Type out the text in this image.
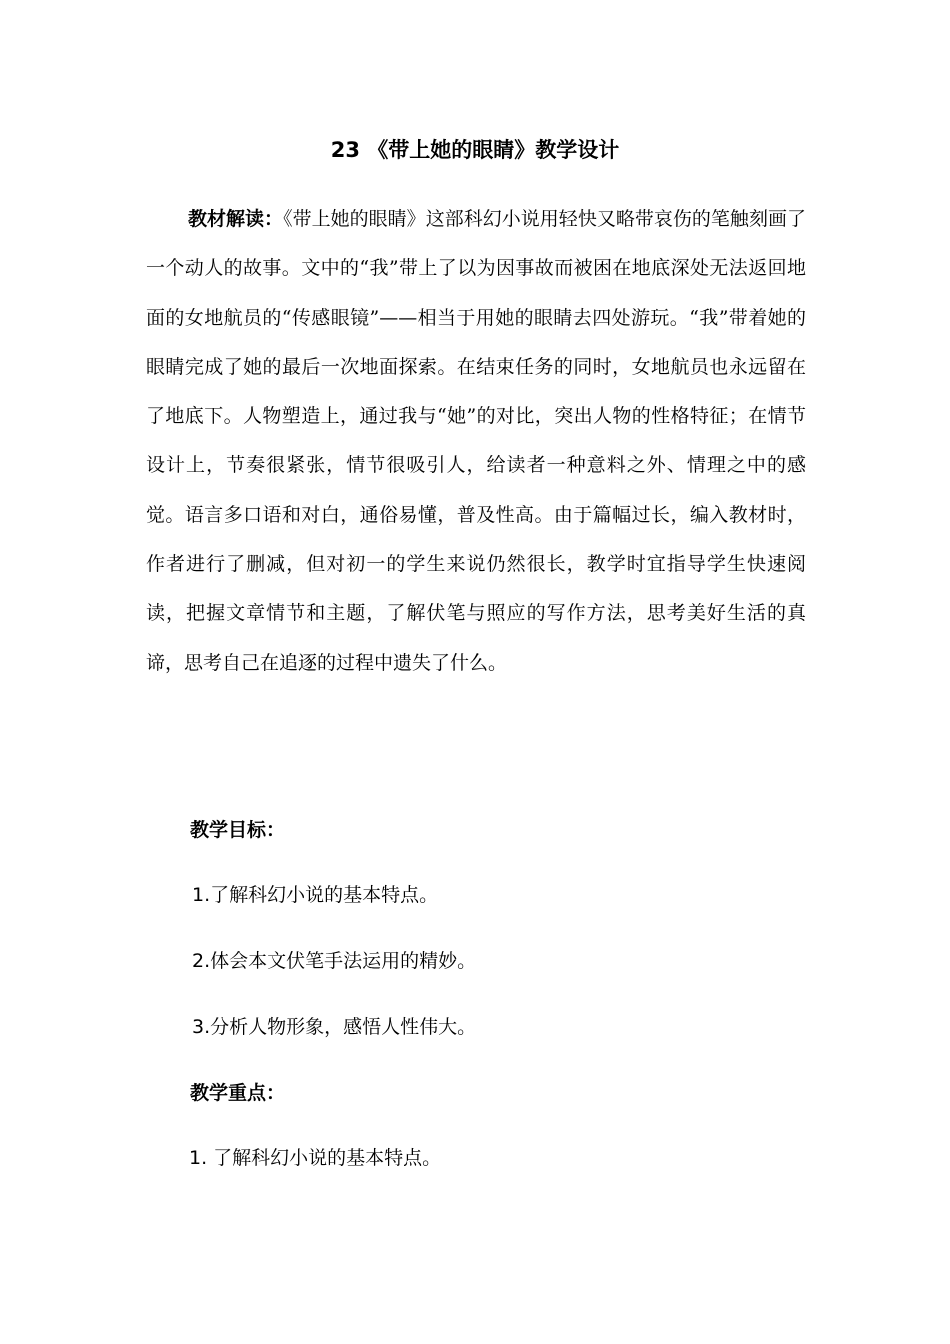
23 《带上她的眼睛》教学设计

教材解读：《带上她的眼睛》这部科幻小说用轻快又略带哀伤的笔触刻画了一个动人的故事。文中的“我”带上了以为因事故而被困在地底深处无法返回地面的女地航员的“传感眼镜”——相当于用她的眼睛去四处游玩。“我”带着她的眼睛完成了她的最后一次地面探索。在结束任务的同时，女地航员也永远留在了地底下。人物塑造上，通过我与“她”的对比，突出人物的性格特征；在情节设计上，节奏很紧张，情节很吸引人，给读者一种意料之外、情理之中的感觉。语言多口语和对白，通俗易懂，普及性高。由于篇幅过长，编入教材时，作者进行了删减，但对初一的学生来说仍然很长，教学时宜指导学生快速阅读，把握文章情节和主题，了解伏笔与照应的写作方法，思考美好生活的真谛，思考自己在追逐的过程中遗失了什么。

教学目标：
1.了解科幻小说的基本特点。
2.体会本文伏笔手法运用的精妙。
3.分析人物形象，感悟人性伟大。
教学重点：
1. 了解科幻小说的基本特点。
